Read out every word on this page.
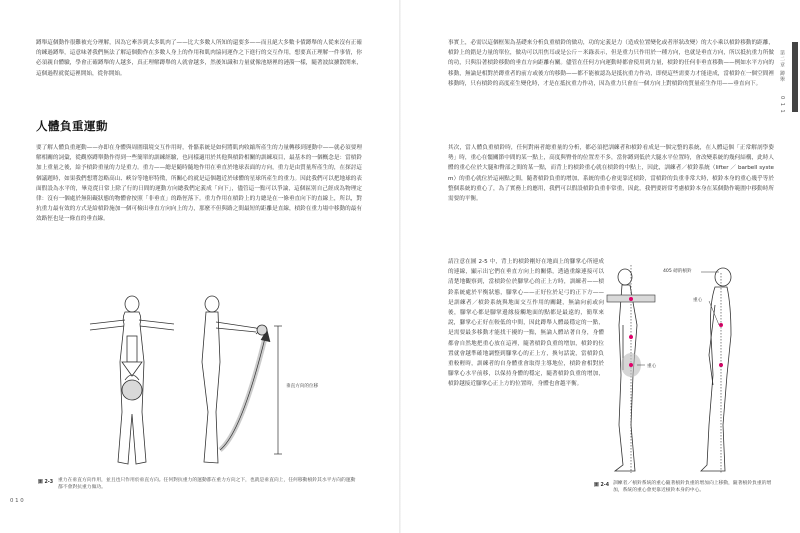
蹲舉這個動作很難被充分理解，因為它牽涉到太多肌肉了——比大多數人所知的還要多——而且絕大多數卡債蹲舉的人從來沒有正確的練過蹲舉，這意味著我們無法了解這個動作在多數人身上的作用和肌肉協同運作之下進行的交互作用，想要真正理解一件事情，你必須親自體驗，學會正確蹲舉的人越多，真正理解蹲舉的人就會越多，然後知識和力量就像池塘裡的漣漪一樣，隨著波紋擴散開來，這個過程就從這裡開始，從你開始。

人體負重運動

要了解人體負重運動——亦即在身體與周圍環境交互作用時，骨骼系統是如何將肌肉收縮所產生的力量轉移到運動中——就必須要理解相關的詞彙，從觀察蹲舉動作得到一些簡單的訓練經驗，也同樣適用於其他與槓鈴相關的訓練項目，最基本的一個概念是：當槓鈴加上重量之後，給予槓鈴重量的力是重力。重力——總是隨時隨地作用在垂直於地球表面的方向，重力是由質量所產生的，在探討這個議題時，如果我們想將忽略高山、峽谷等地形特徵，所關心的就是這個趨近於球體的星球所產生的重力。因此我們可以把地球的表面假設為水平的，畢竟從日常上除了行的日間的運動方向總我們定義成「向下」，儘管這一點可以爭論，這個區別自己經成為物理定律：沒有一個處於無阻礙狀態的物體會按照「非垂直」的路徑落下。重力作用在槓鈴上的力總是在一條垂直向下的直線上，所以，對抗重力最有效的方式是給槓鈴施加一個可檢出垂直方向向上的力，那麼不但與路之間最短的距離是直線，槓鈴在重力場中移動的最有效路徑也是一條直的垂直線。

垂直方向的位移
圖 2-3 重力在垂直方向作用，並且也只作用於垂直方向。任何對抗重力的運動都在重力方向之下，也就是垂直向上，任何移動槓鈴其水平方向的運動都不會對抗重力做功。
0 1 0

事實上，必需以這個框架為基礎來分析負重槓鈴的做功，功的定義是力（造成位置變化或者形狀改變）的大小乘以槓鈴移動的距離，槓鈴上的錯是力量的單位，做功可以用焦耳或是公斤－米錄表示，但是重力只作用於一種方向，也就是垂直方向，所以抵抗重力所做的功，只與沿著槓鈴移動的垂直方向距離有關。儘管在任何方向運動時都會使用到力量，槓鈴的任何非垂直移動——例如水平方向的移動，無論是相對於蹲重者的前方或後方的移動——都不能被認為是抵抗重力作功，即便這些需要力才能達成，當槓鈴在一個空間裡移動時，只有槓鈴的高度產生變化時，才是在抵抗重力作功，因為重力只會在一個方向上對槓鈴的質量產生作用——垂直向下。

其次，當人體負重槓鈴時，任何對兩者總重量的分析，都必須把訓練者和槓鈴看成是一個完整的系統，在人體這個「正常解剖學姿勢」時，重心在髖關節中間的某一點上，高度與臀骨的位置差不多，當你蹲到低於大腿水平位置時，會改變系統的幾何結構，此時人體的重心位於大腿和臀部之間的某一點，而背上的槓鈴重心就在槓鈴的中點上，因此，訓練者／槓鈴系統（lifter ／ barbell system）的重心就位於這兩點之間，隨著槓鈴負重的增加，系統的重心會更靠近槓鈴，當槓鈴的負重非常大時，槓鈴本身的重心幾乎等於整個系統的重心了，為了實務上的應用，我們可以假設槓鈴負重非常重，因此，我們要經常考慮槓鈴本身在某個動作範圍中移動時所需要的平衡。

請注意在圖 2-5 中，背上的槓鈴剛好在地面上的腳掌心所連成的連線，顯示出它們在垂直方向上的關係，透過重線連接可以清楚地觀察到，當槓鈴位於腳掌心的正上方時，訓練者——槓鈴系統處於平衡狀態，腳掌心——正好位於足弓的正下方——是訓練者／槓鈴系統與地面交互作用的關鍵，無論向前或向後，腳掌心都是腳掌邊緣接觸地面的點都是最遠的，簡單來說，腳掌心正好在較低的中間，因此蹲舉人體最穩定的一點，是需要最多移動才能找干擾的一點，無論人體站著自身，身體都會自然地把重心放在這裡，隨著槓鈴負重的增加，槓鈴的位置就會越準確地調整到腳掌心的正上方，換句話說，當槓鈴負重較輕時，訓練者的自身體重會取得主導地位，槓鈴會相對於腳掌心水平前移，以保持身體的穩定，隨著槓鈴負重的增加，槓鈴越接近腳掌心正上方的位置時，身體也會越平衡。

405 磅的槓鈴
重心
重心
圖 2-4 訓練者／槓鈴系統的重心隨著槓鈴負重的增加向上移動，隨著槓鈴負重的增加，系統的重心會更靠近槓鈴本身的中心。
第二章 蹲舉
0 1 1
